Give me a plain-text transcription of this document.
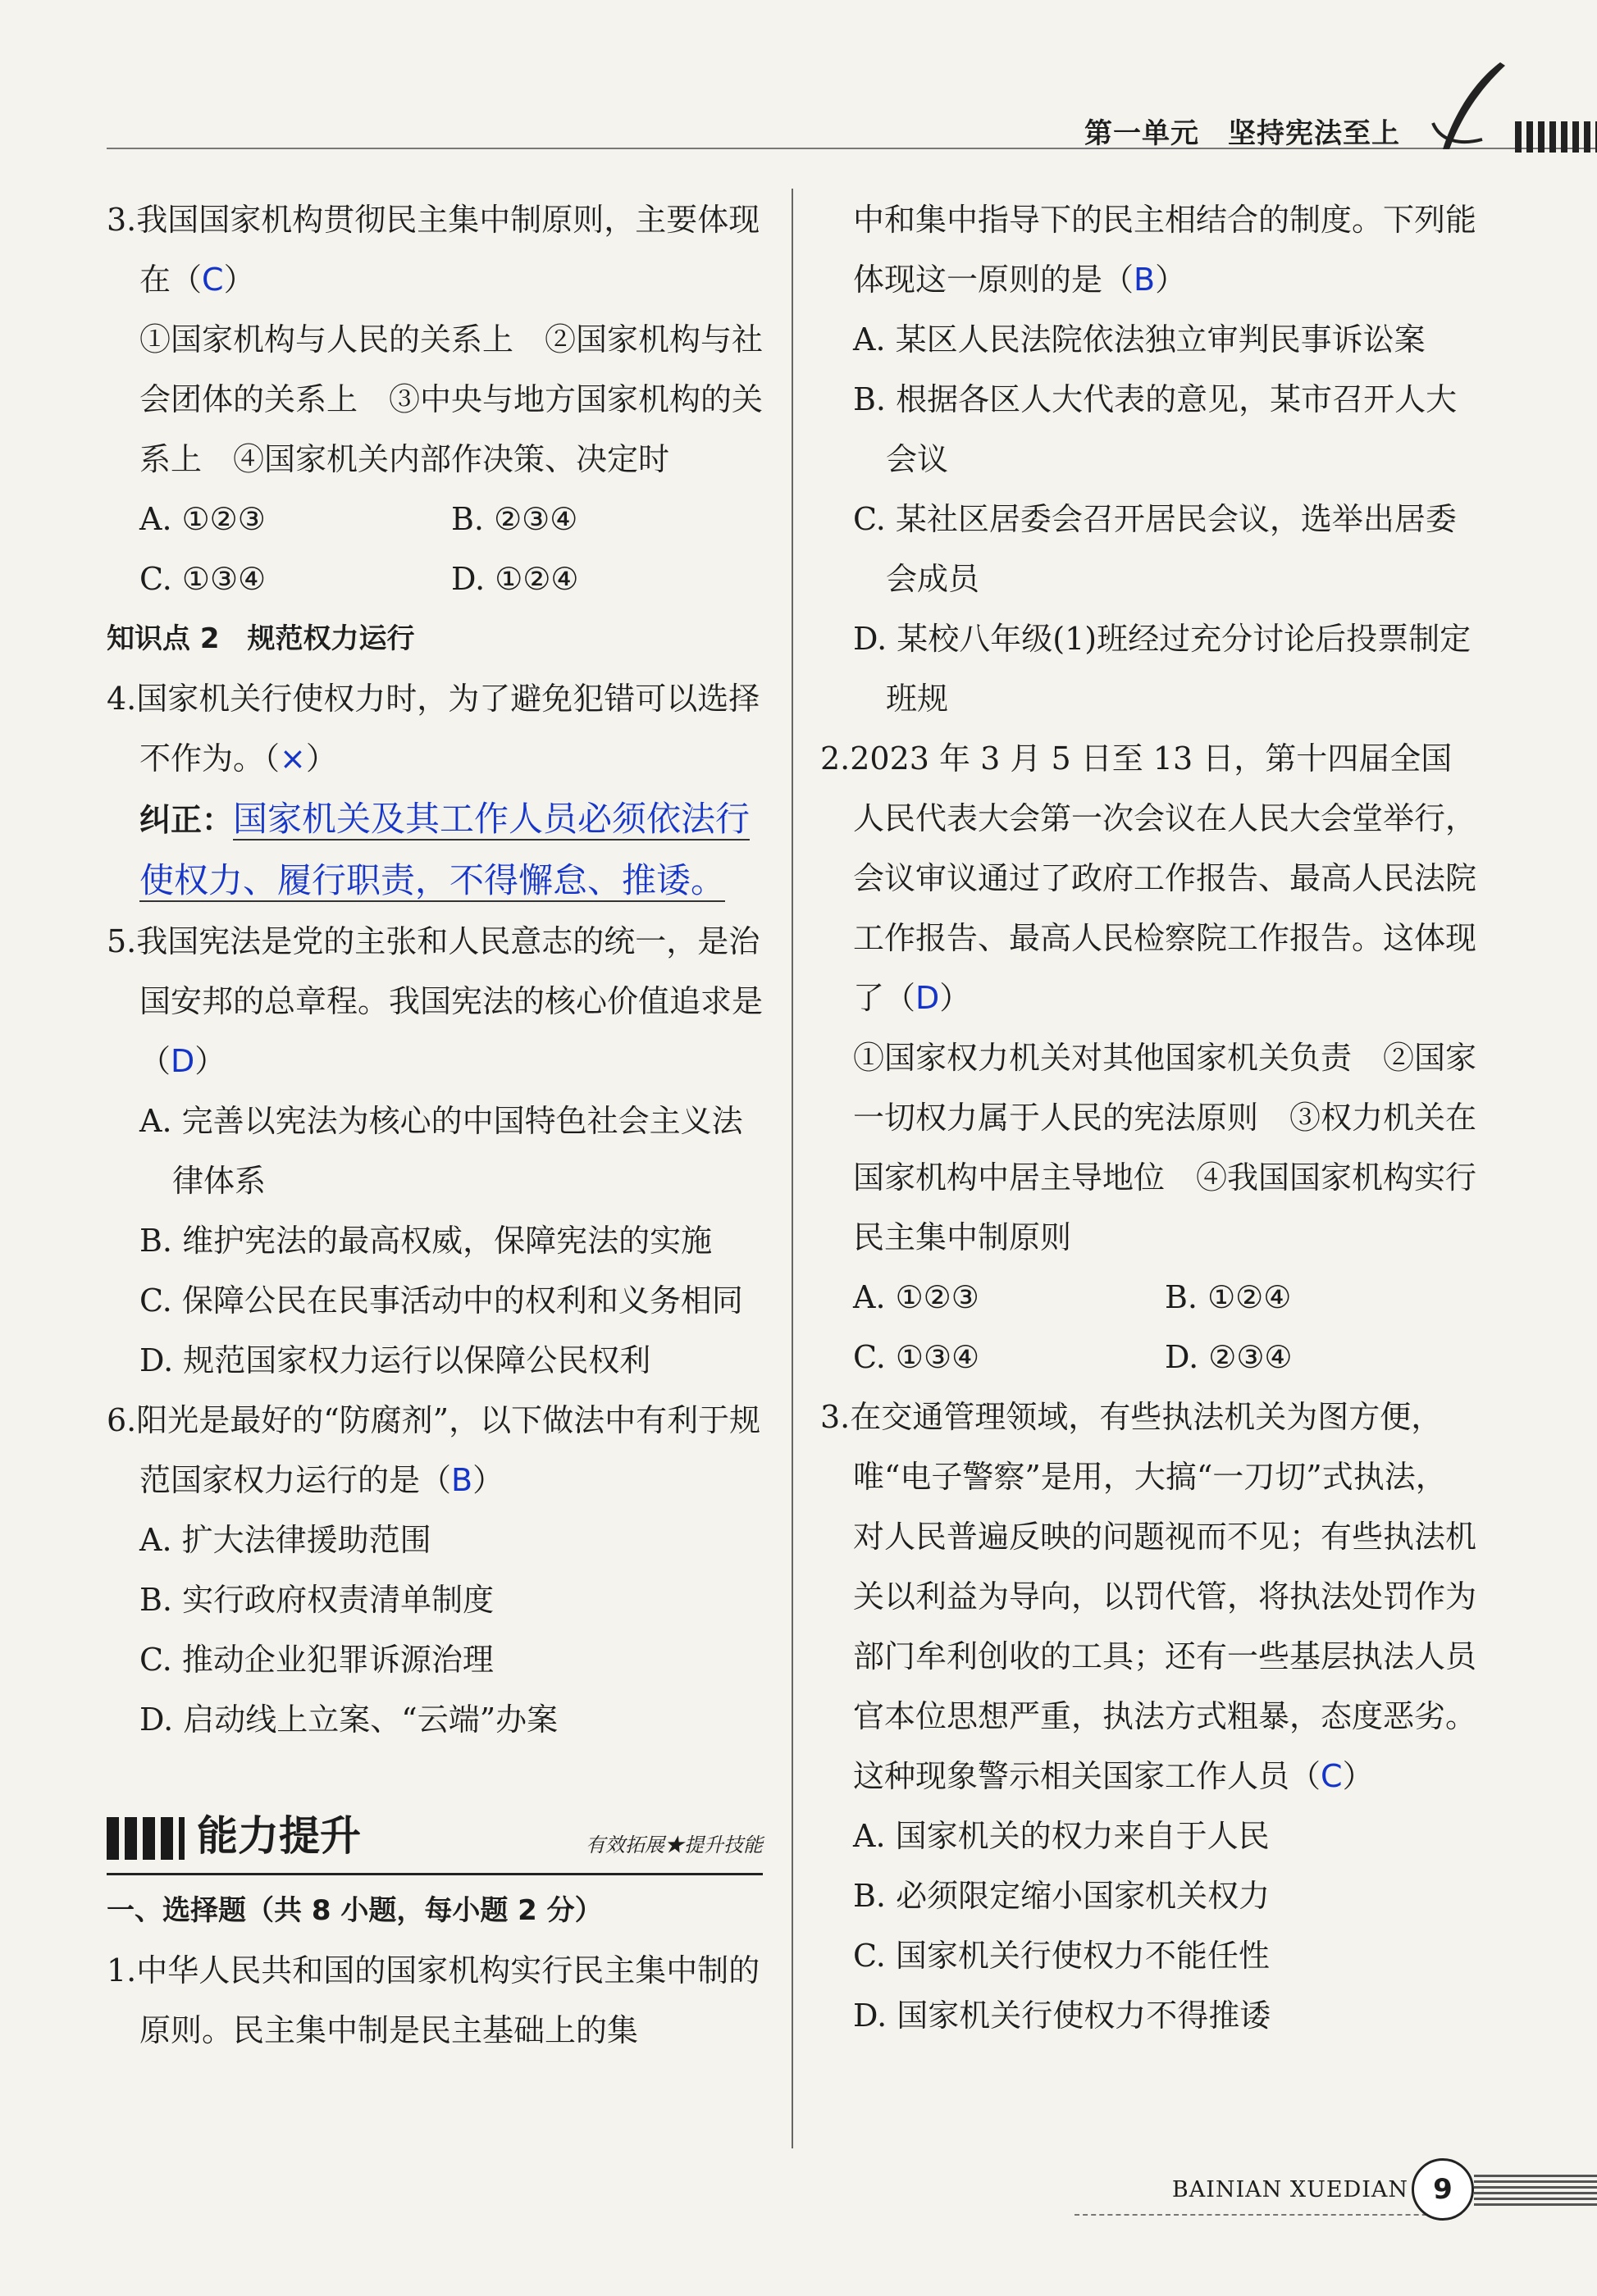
第一单元　坚持宪法至上

3.我国国家机构贯彻民主集中制原则，主要体现在（C）

①国家机构与人民的关系上　②国家机构与社会团体的关系上　③中央与地方国家机构的关系上　④国家机关内部作决策、决定时

A. ①②③	B. ②③④
C. ①③④	D. ①②④

知识点 2　 规范权力运行

4.国家机关行使权力时，为了避免犯错可以选择不作为。（×）

纠正：国家机关及其工作人员必须依法行使权力、履行职责，不得懈怠、推诿。

5.我国宪法是党的主张和人民意志的统一，是治国安邦的总章程。我国宪法的核心价值追求是（D）

A. 完善以宪法为核心的中国特色社会主义法律体系

B. 维护宪法的最高权威，保障宪法的实施

C. 保障公民在民事活动中的权利和义务相同

D. 规范国家权力运行以保障公民权利

6.阳光是最好的“防腐剂”，以下做法中有利于规范国家权力运行的是（B）

A. 扩大法律援助范围

B. 实行政府权责清单制度

C. 推动企业犯罪诉源治理

D. 启动线上立案、“云端”办案

能力提升	有效拓展★提升技能

一、选择题（共 8 小题，每小题 2 分）

1.中华人民共和国的国家机构实行民主集中制的原则。民主集中制是民主基础上的集

中和集中指导下的民主相结合的制度。下列能体现这一原则的是（B）

A. 某区人民法院依法独立审判民事诉讼案

B. 根据各区人大代表的意见，某市召开人大会议

C. 某社区居委会召开居民会议，选举出居委会成员

D. 某校八年级(1)班经过充分讨论后投票制定班规

2.2023 年 3 月 5 日至 13 日，第十四届全国人民代表大会第一次会议在人民大会堂举行，会议审议通过了政府工作报告、最高人民法院工作报告、最高人民检察院工作报告。这体现了（D）

①国家权力机关对其他国家机关负责　②国家一切权力属于人民的宪法原则　③权力机关在国家机构中居主导地位　④我国国家机构实行民主集中制原则

A. ①②③	B. ①②④
C. ①③④	D. ②③④

3.在交通管理领域，有些执法机关为图方便，唯“电子警察”是用，大搞“一刀切”式执法，对人民普遍反映的问题视而不见；有些执法机关以利益为导向，以罚代管，将执法处罚作为部门牟利创收的工具；还有一些基层执法人员官本位思想严重，执法方式粗暴，态度恶劣。这种现象警示相关国家工作人员（C）

A. 国家机关的权力来自于人民

B. 必须限定缩小国家机关权力

C. 国家机关行使权力不能任性

D. 国家机关行使权力不得推诿

BAINIAN XUEDIAN 9
